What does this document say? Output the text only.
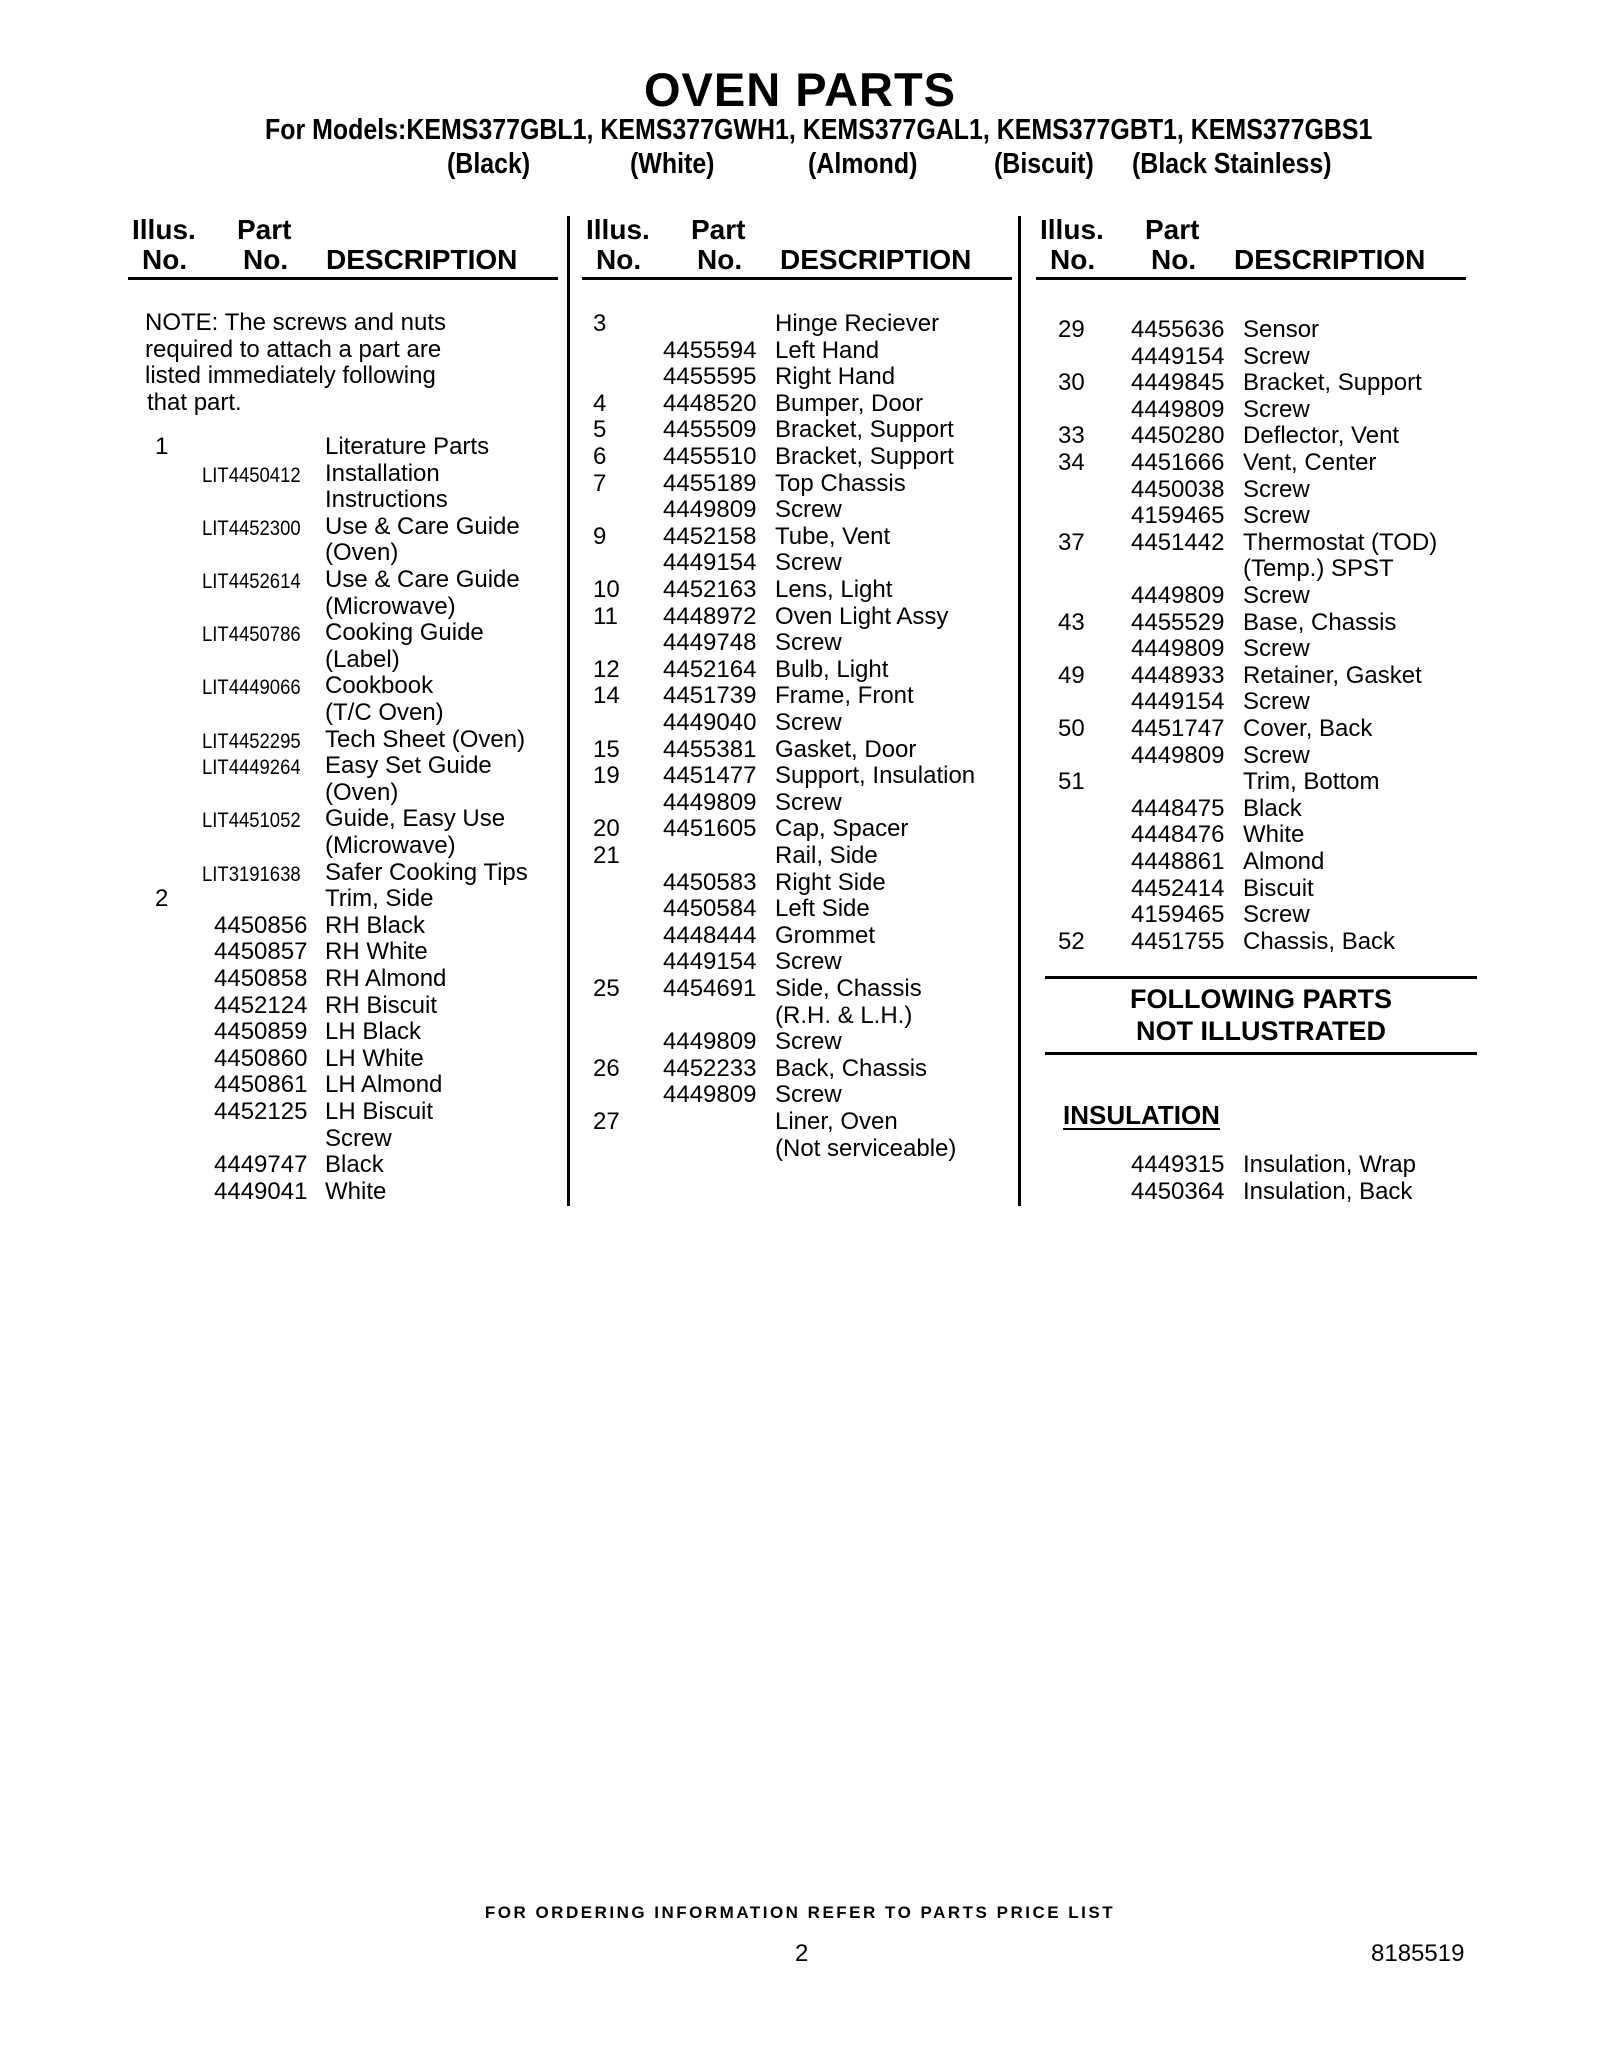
OVEN PARTS
For Models:KEMS377GBL1, KEMS377GWH1, KEMS377GAL1, KEMS377GBT1, KEMS377GBS1
(Black)	(White)	(Almond)	(Biscuit) (Black Stainless)
Illus.
No.
Part
No. DESCRIPTION
Illus.
No.
Part
No. DESCRIPTION
Illus.
No.
Part
No. DESCRIPTION
NOTE: The screws and nuts
required to attach a part are
listed immediately following
that part.
1	Literature Parts
LIT4450412 Installation
Instructions
LIT4452300 Use & Care Guide
(Oven)
LIT4452614 Use & Care Guide
(Microwave)
LIT4450786 Cooking Guide
(Label)
LIT4449066 Cookbook
(T/C Oven)
LIT4452295 Tech Sheet (Oven)
LIT4449264 Easy Set Guide
(Oven)
LIT4451052 Guide, Easy Use
(Microwave)
LIT3191638 Safer Cooking Tips
2	Trim, Side
4450856 RH Black
4450857 RH White
4450858 RH Almond
4452124 RH Biscuit
4450859 LH Black
4450860 LH White
4450861 LH Almond
4452125 LH Biscuit
Screw
4449747 Black
4449041 White
3	Hinge Reciever
4455594 Left Hand
4455595 Right Hand
4 4448520 Bumper, Door
5 4455509 Bracket, Support
6 4455510 Bracket, Support
7 4455189 Top Chassis
4449809 Screw
9 4452158 Tube, Vent
4449154 Screw
10 4452163 Lens, Light
11 4448972 Oven Light Assy
4449748 Screw
12 4452164 Bulb, Light
14 4451739 Frame, Front
4449040 Screw
15 4455381 Gasket, Door
19 4451477 Support, Insulation
4449809 Screw
20 4451605 Cap, Spacer
21	Rail, Side
4450583 Right Side
4450584 Left Side
4448444 Grommet
4449154 Screw
25 4454691 Side, Chassis
(R.H. & L.H.)
4449809 Screw
26 4452233 Back, Chassis
4449809 Screw
27	Liner, Oven
(Not serviceable)
29 4455636 Sensor
4449154 Screw
30 4449845 Bracket, Support
4449809 Screw
33 4450280 Deflector, Vent
34 4451666 Vent, Center
4450038 Screw
4159465 Screw
37 4451442 Thermostat (TOD)
(Temp.) SPST
4449809 Screw
43 4455529 Base, Chassis
4449809 Screw
49 4448933 Retainer, Gasket
4449154 Screw
50 4451747 Cover, Back
4449809 Screw
51	Trim, Bottom
4448475 Black
4448476 White
4448861 Almond
4452414 Biscuit
4159465 Screw
52 4451755 Chassis, Back
FOLLOWING PARTS
NOT ILLUSTRATED
INSULATION
4449315 Insulation, Wrap
4450364 Insulation, Back
FOR ORDERING INFORMATION REFER TO PARTS PRICE LIST
2	8185519
